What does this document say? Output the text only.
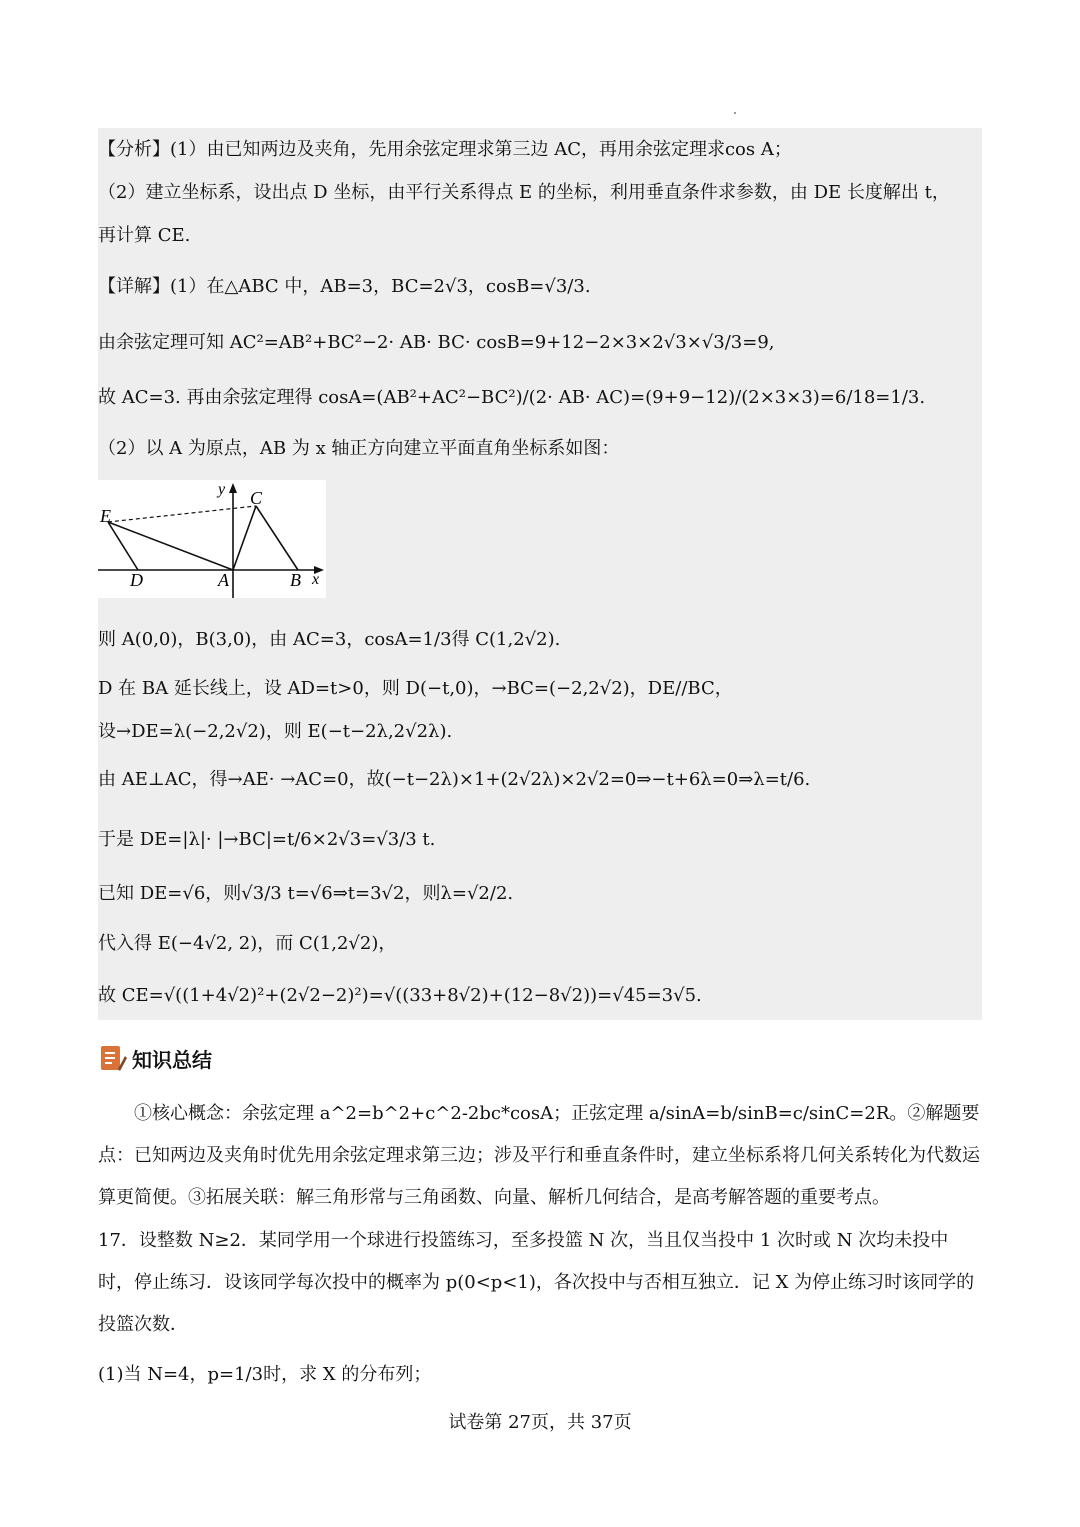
【分析】(1）由已知两边及夹角，先用余弦定理求第三边 AC，再用余弦定理求cos A；
（2）建立坐标系，设出点 D 坐标，由平行关系得点 E 的坐标，利用垂直条件求参数，由 DE 长度解出 t，
再计算 CE.
【详解】(1）在△ABC 中，AB=3，BC=2√3，cosB=√3/3.
由余弦定理可知 AC²=AB²+BC²−2· AB· BC· cosB=9+12−2×3×2√3×√3/3=9,
故 AC=3. 再由余弦定理得 cosA=(AB²+AC²−BC²)/(2· AB· AC)=(9+9−12)/(2×3×3)=6/18=1/3.
（2）以 A 为原点，AB 为 x 轴正方向建立平面直角坐标系如图：
E
C
y
D	A	B x
则 A(0,0)，B(3,0)，由 AC=3，cosA=1/3得 C(1,2√2).
D 在 BA 延长线上，设 AD=t>0，则 D(−t,0)，→BC=(−2,2√2)，DE//BC，
设→DE=λ(−2,2√2)，则 E(−t−2λ,2√2λ).
由 AE⊥AC，得→AE· →AC=0，故(−t−2λ)×1+(2√2λ)×2√2=0⇒−t+6λ=0⇒λ=t/6.
于是 DE=|λ|· |→BC|=t/6×2√3=√3/3 t.
已知 DE=√6，则√3/3 t=√6⇒t=3√2，则λ=√2/2.
代入得 E(−4√2, 2)，而 C(1,2√2)，
故 CE=√((1+4√2)²+(2√2−2)²)=√((33+8√2)+(12−8√2))=√45=3√5.
知识总结
①核心概念：余弦定理 a^2=b^2+c^2-2bc*cosA；正弦定理 a/sinA=b/sinB=c/sinC=2R。②解题要点：已知两边及夹角时优先用余弦定理求第三边；涉及平行和垂直条件时，建立坐标系将几何关系转化为代数运算更简便。③拓展关联：解三角形常与三角函数、向量、解析几何结合，是高考解答题的重要考点。
17．设整数 N≥2．某同学用一个球进行投篮练习，至多投篮 N 次，当且仅当投中 1 次时或 N 次均未投中时，停止练习．设该同学每次投中的概率为 p(0<p<1)，各次投中与否相互独立．记 X 为停止练习时该同学的投篮次数．
(1)当 N=4，p=1/3时，求 X 的分布列；
试卷第 27页，共 37页
